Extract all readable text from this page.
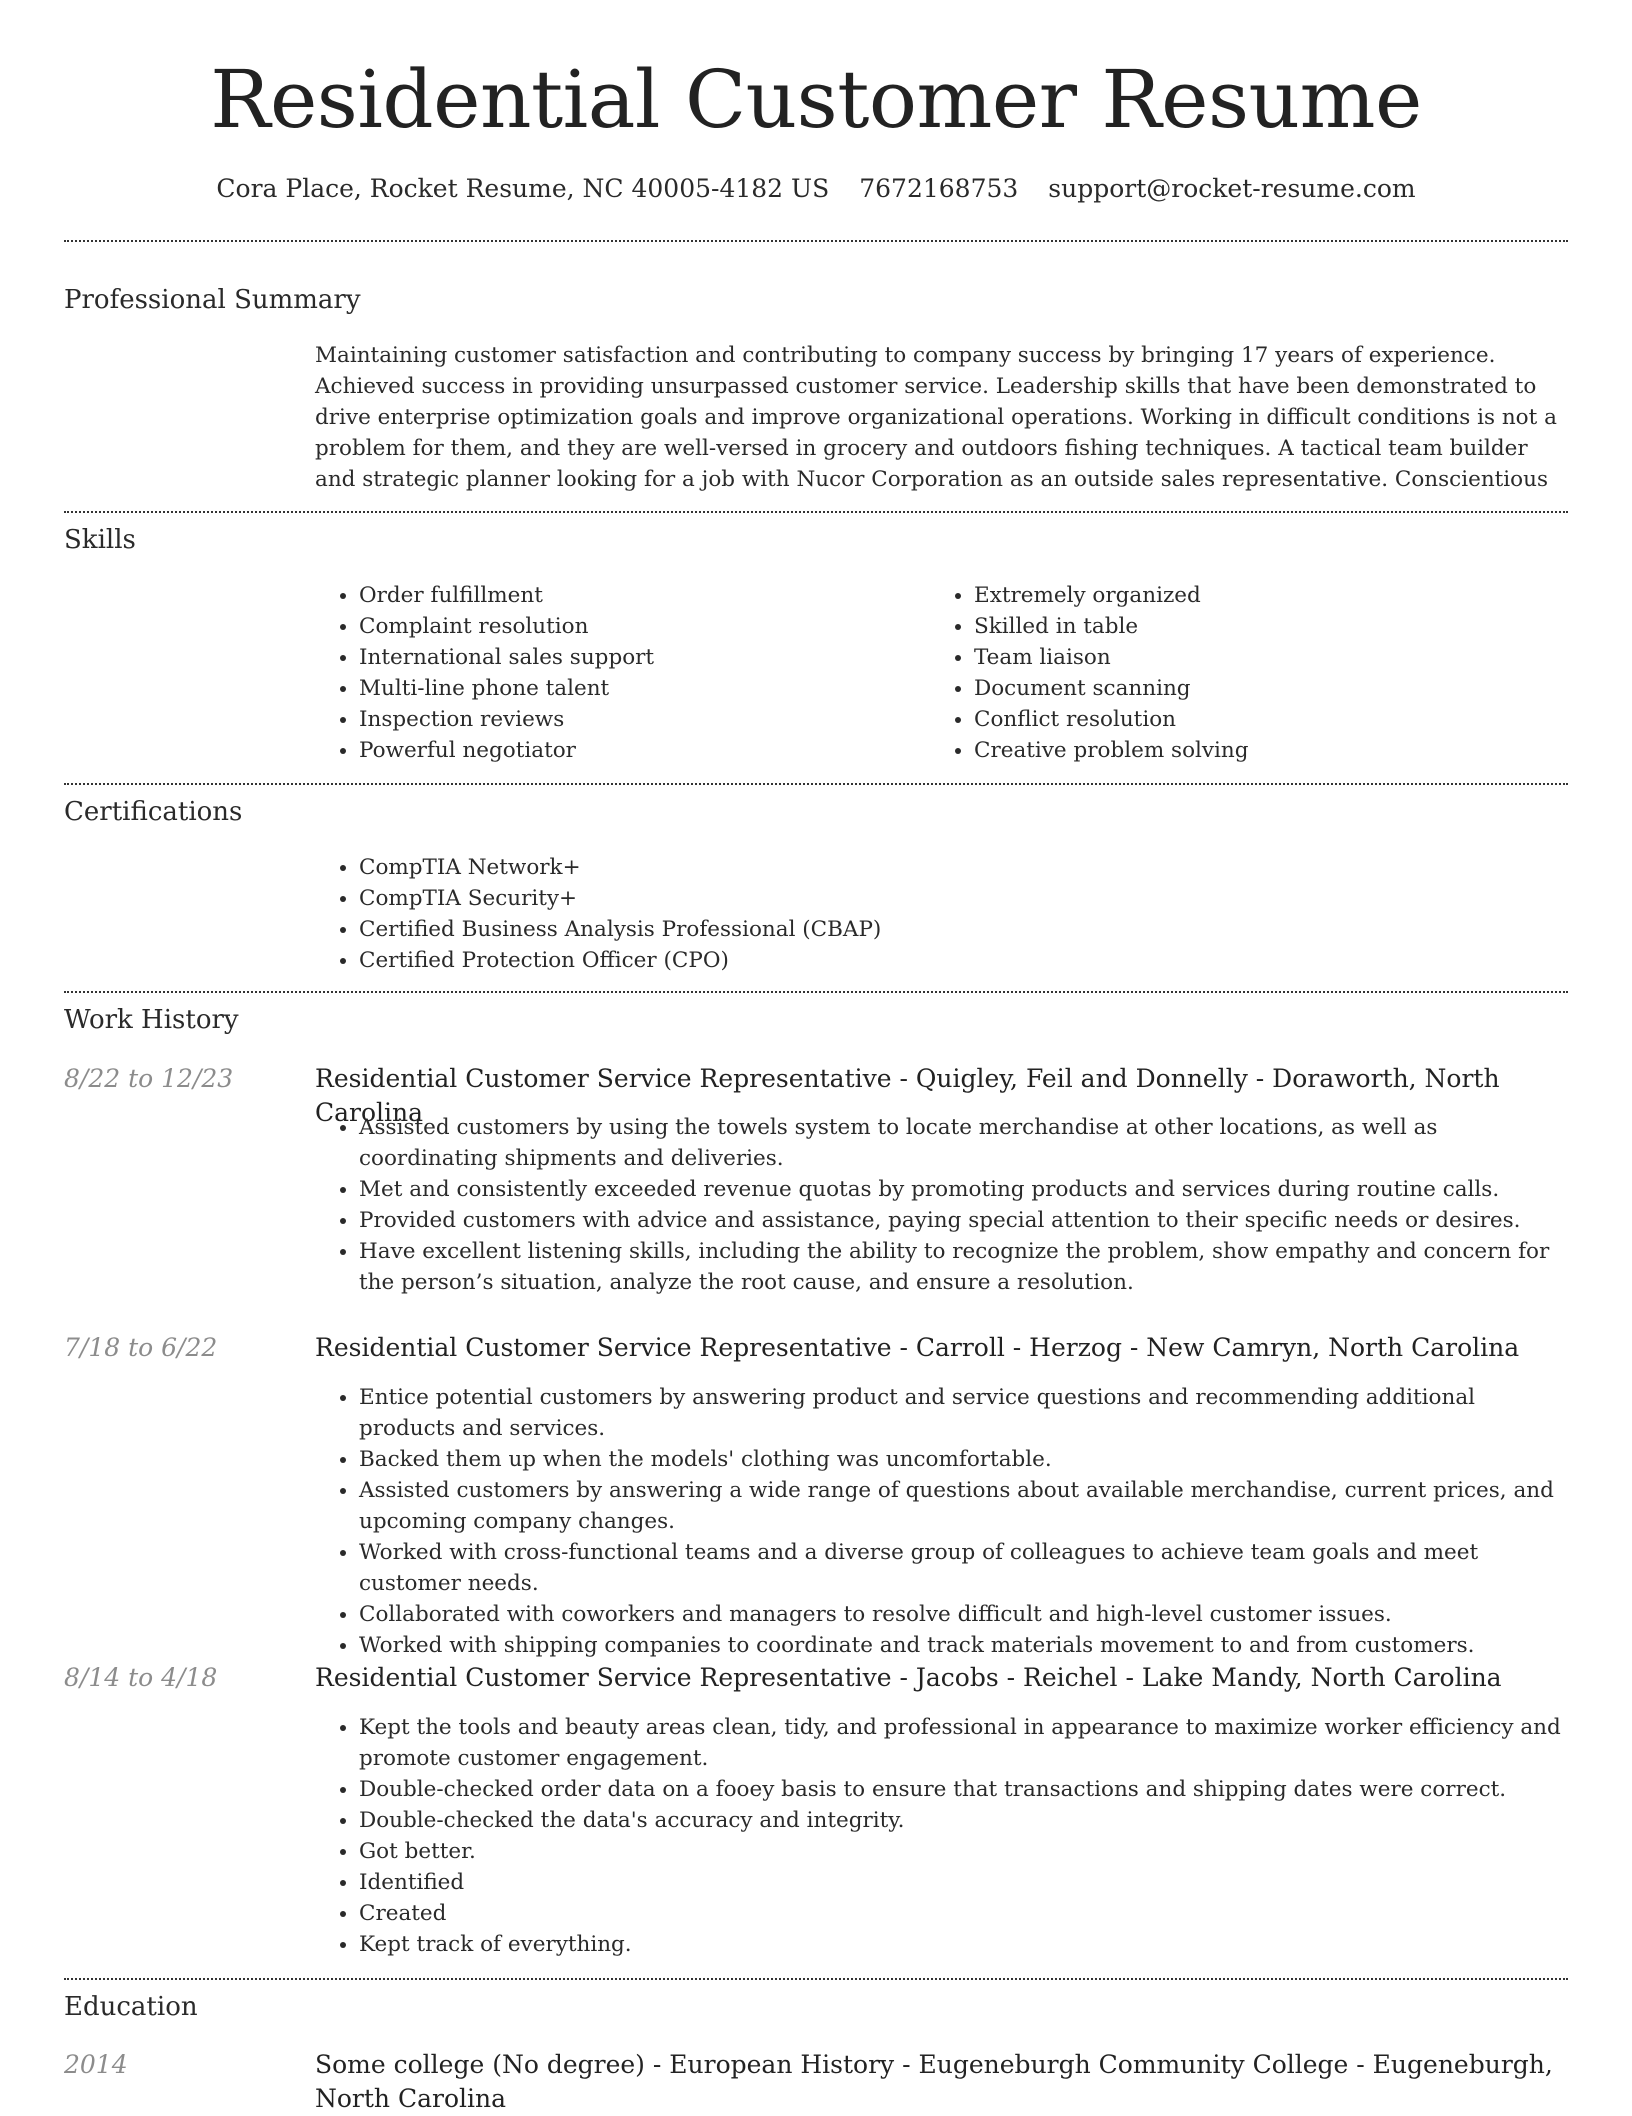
Residential Customer Resume
Cora Place, Rocket Resume, NC 40005-4182 US 7672168753 support@rocket-resume.com
Professional Summary

Maintaining customer satisfaction and contributing to company success by bringing 17 years of experience. Achieved success in providing unsurpassed customer service. Leadership skills that have been demonstrated to drive enterprise optimization goals and improve organizational operations. Working in difficult conditions is not a problem for them, and they are well-versed in grocery and outdoors fishing techniques. A tactical team builder and strategic planner looking for a job with Nucor Corporation as an outside sales representative. Conscientious

Skills
• Order fulfillment
• Complaint resolution
• International sales support
• Multi-line phone talent
• Inspection reviews
• Powerful negotiator
• Extremely organized
• Skilled in table
• Team liaison
• Document scanning
• Conflict resolution
• Creative problem solving
Certifications
• CompTIA Network+
• CompTIA Security+
• Certified Business Analysis Professional (CBAP)
• Certified Protection Officer (CPO)
Work History
8/22 to 12/23	Residential Customer Service Representative - Quigley, Feil and Donnelly - Doraworth, North Carolina
• Assisted customers by using the towels system to locate merchandise at other locations, as well as coordinating shipments and deliveries.
• Met and consistently exceeded revenue quotas by promoting products and services during routine calls.
• Provided customers with advice and assistance, paying special attention to their specific needs or desires.
• Have excellent listening skills, including the ability to recognize the problem, show empathy and concern for the person’s situation, analyze the root cause, and ensure a resolution.
7/18 to 6/22	Residential Customer Service Representative - Carroll - Herzog - New Camryn, North Carolina
• Entice potential customers by answering product and service questions and recommending additional products and services.
• Backed them up when the models' clothing was uncomfortable.
• Assisted customers by answering a wide range of questions about available merchandise, current prices, and upcoming company changes.
• Worked with cross-functional teams and a diverse group of colleagues to achieve team goals and meet customer needs.
• Collaborated with coworkers and managers to resolve difficult and high-level customer issues.
• Worked with shipping companies to coordinate and track materials movement to and from customers.
8/14 to 4/18	Residential Customer Service Representative - Jacobs - Reichel - Lake Mandy, North Carolina
• Kept the tools and beauty areas clean, tidy, and professional in appearance to maximize worker efficiency and promote customer engagement.
• Double-checked order data on a fooey basis to ensure that transactions and shipping dates were correct.
• Double-checked the data's accuracy and integrity.
• Got better.
• Identified
• Created
• Kept track of everything.
Education
2014	Some college (No degree) - European History - Eugeneburgh Community College - Eugeneburgh, North Carolina
